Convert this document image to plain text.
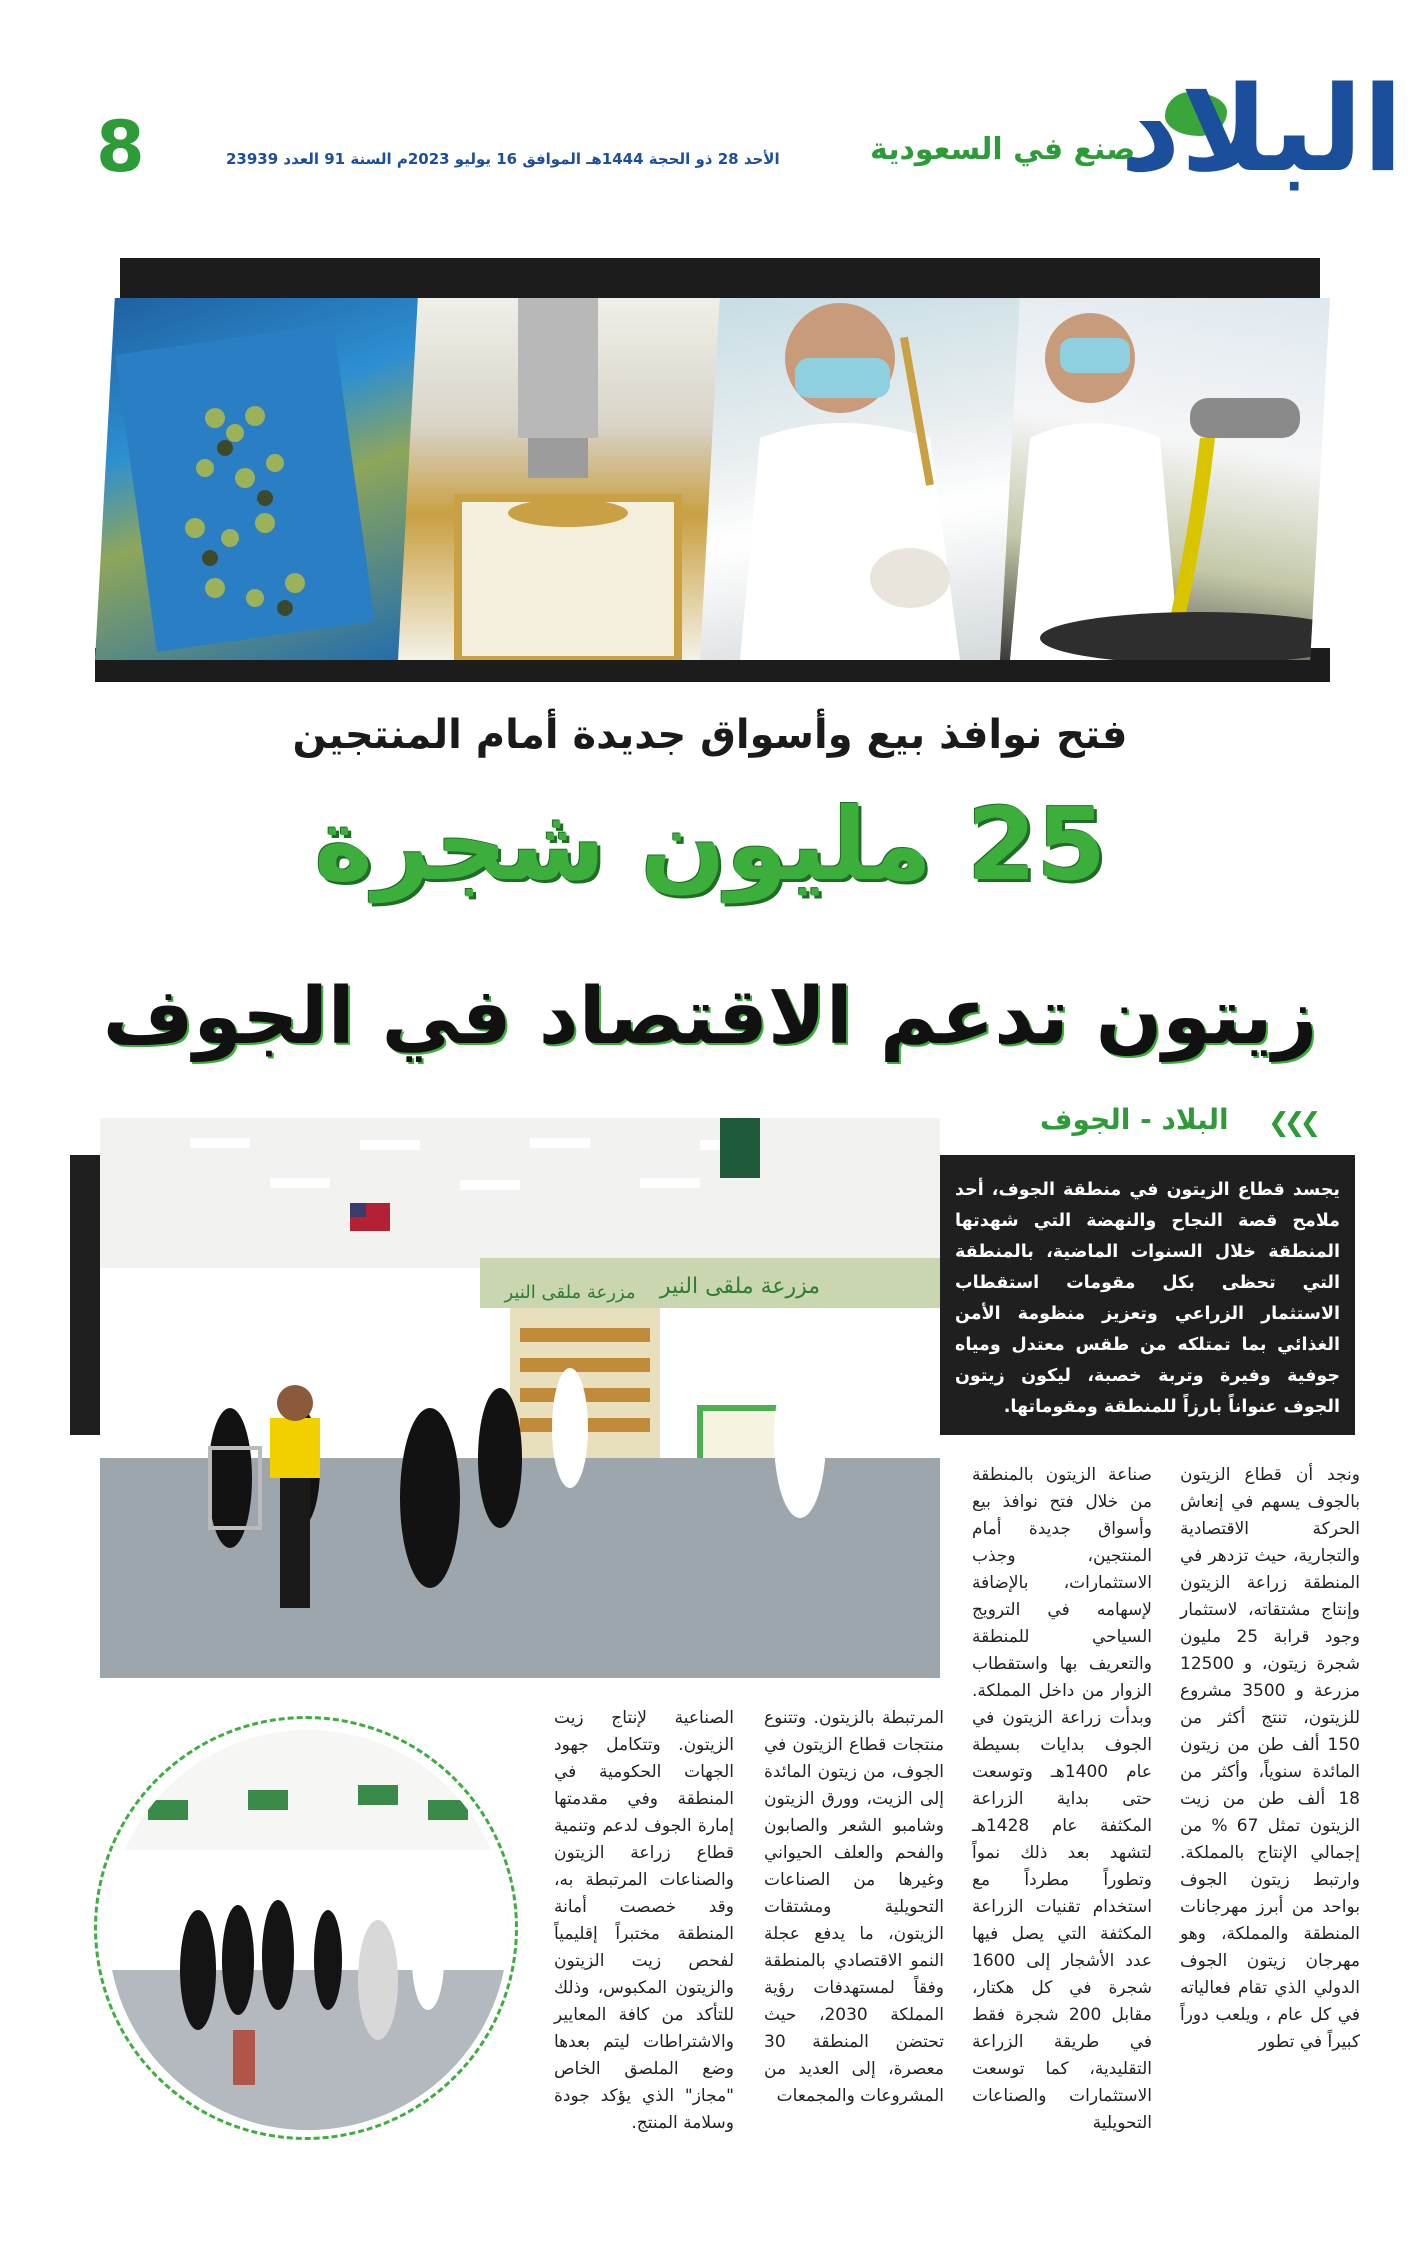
البلاد
صنع في السعودية
الأحد 28 ذو الحجة 1444هـ الموافق 16 يوليو 2023م السنة 91 العدد 23939
8
فتح نوافذ بيع وأسواق جديدة أمام المنتجين
25 مليون شجرة
زيتون تدعم الاقتصاد في الجوف
❮❮❮
البلاد - الجوف
مزرعة ملقى النير
مزرعة ملقى النير
يجسد قطاع الزيتون في منطقة الجوف، أحد ملامح قصة النجاح والنهضة التي شهدتها المنطقة خلال السنوات الماضية، بالمنطقة التي تحظى بكل مقومات استقطاب الاستثمار الزراعي وتعزيز منظومة الأمن الغذائي بما تمتلكه من طقس معتدل ومياه جوفية وفيرة وتربة خصبة، ليكون زيتون الجوف عنواناً بارزاً للمنطقة ومقوماتها.
ونجد أن قطاع الزيتون بالجوف يسهم في إنعاش الحركة الاقتصادية والتجارية، حيث تزدهر في المنطقة زراعة الزيتون وإنتاج مشتقاته، لاستثمار وجود قرابة 25 مليون شجرة زيتون، و 12500 مزرعة و 3500 مشروع للزيتون، تنتج أكثر من 150 ألف طن من زيتون المائدة سنوياً، وأكثر من 18 ألف طن من زيت الزيتون تمثل 67 % من إجمالي الإنتاج بالمملكة. وارتبط زيتون الجوف بواحد من أبرز مهرجانات المنطقة والمملكة، وهو مهرجان زيتون الجوف الدولي الذي تقام فعالياته في كل عام ، ويلعب دوراً كبيراً في تطور
صناعة الزيتون بالمنطقة من خلال فتح نوافذ بيع وأسواق جديدة أمام المنتجين، وجذب الاستثمارات، بالإضافة لإسهامه في الترويج السياحي للمنطقة والتعريف بها واستقطاب الزوار من داخل المملكة. وبدأت زراعة الزيتون في الجوف بدايات بسيطة عام 1400هـ وتوسعت حتى بداية الزراعة المكثفة عام 1428هـ لتشهد بعد ذلك نمواً وتطوراً مطرداً مع استخدام تقنيات الزراعة المكثفة التي يصل فيها عدد الأشجار إلى 1600 شجرة في كل هكتار، مقابل 200 شجرة فقط في طريقة الزراعة التقليدية، كما توسعت الاستثمارات والصناعات التحويلية
المرتبطة بالزيتون. وتتنوع منتجات قطاع الزيتون في الجوف، من زيتون المائدة إلى الزيت، وورق الزيتون وشامبو الشعر والصابون والفحم والعلف الحيواني وغيرها من الصناعات التحويلية ومشتقات الزيتون، ما يدفع عجلة النمو الاقتصادي بالمنطقة وفقاً لمستهدفات رؤية المملكة 2030، حيث تحتضن المنطقة 30 معصرة، إلى العديد من المشروعات والمجمعات
الصناعية لإنتاج زيت الزيتون. وتتكامل جهود الجهات الحكومية في المنطقة وفي مقدمتها إمارة الجوف لدعم وتنمية قطاع زراعة الزيتون والصناعات المرتبطة به، وقد خصصت أمانة المنطقة مختبراً إقليمياً لفحص زيت الزيتون والزيتون المكبوس، وذلك للتأكد من كافة المعايير والاشتراطات ليتم بعدها وضع الملصق الخاص "مجاز" الذي يؤكد جودة وسلامة المنتج.
